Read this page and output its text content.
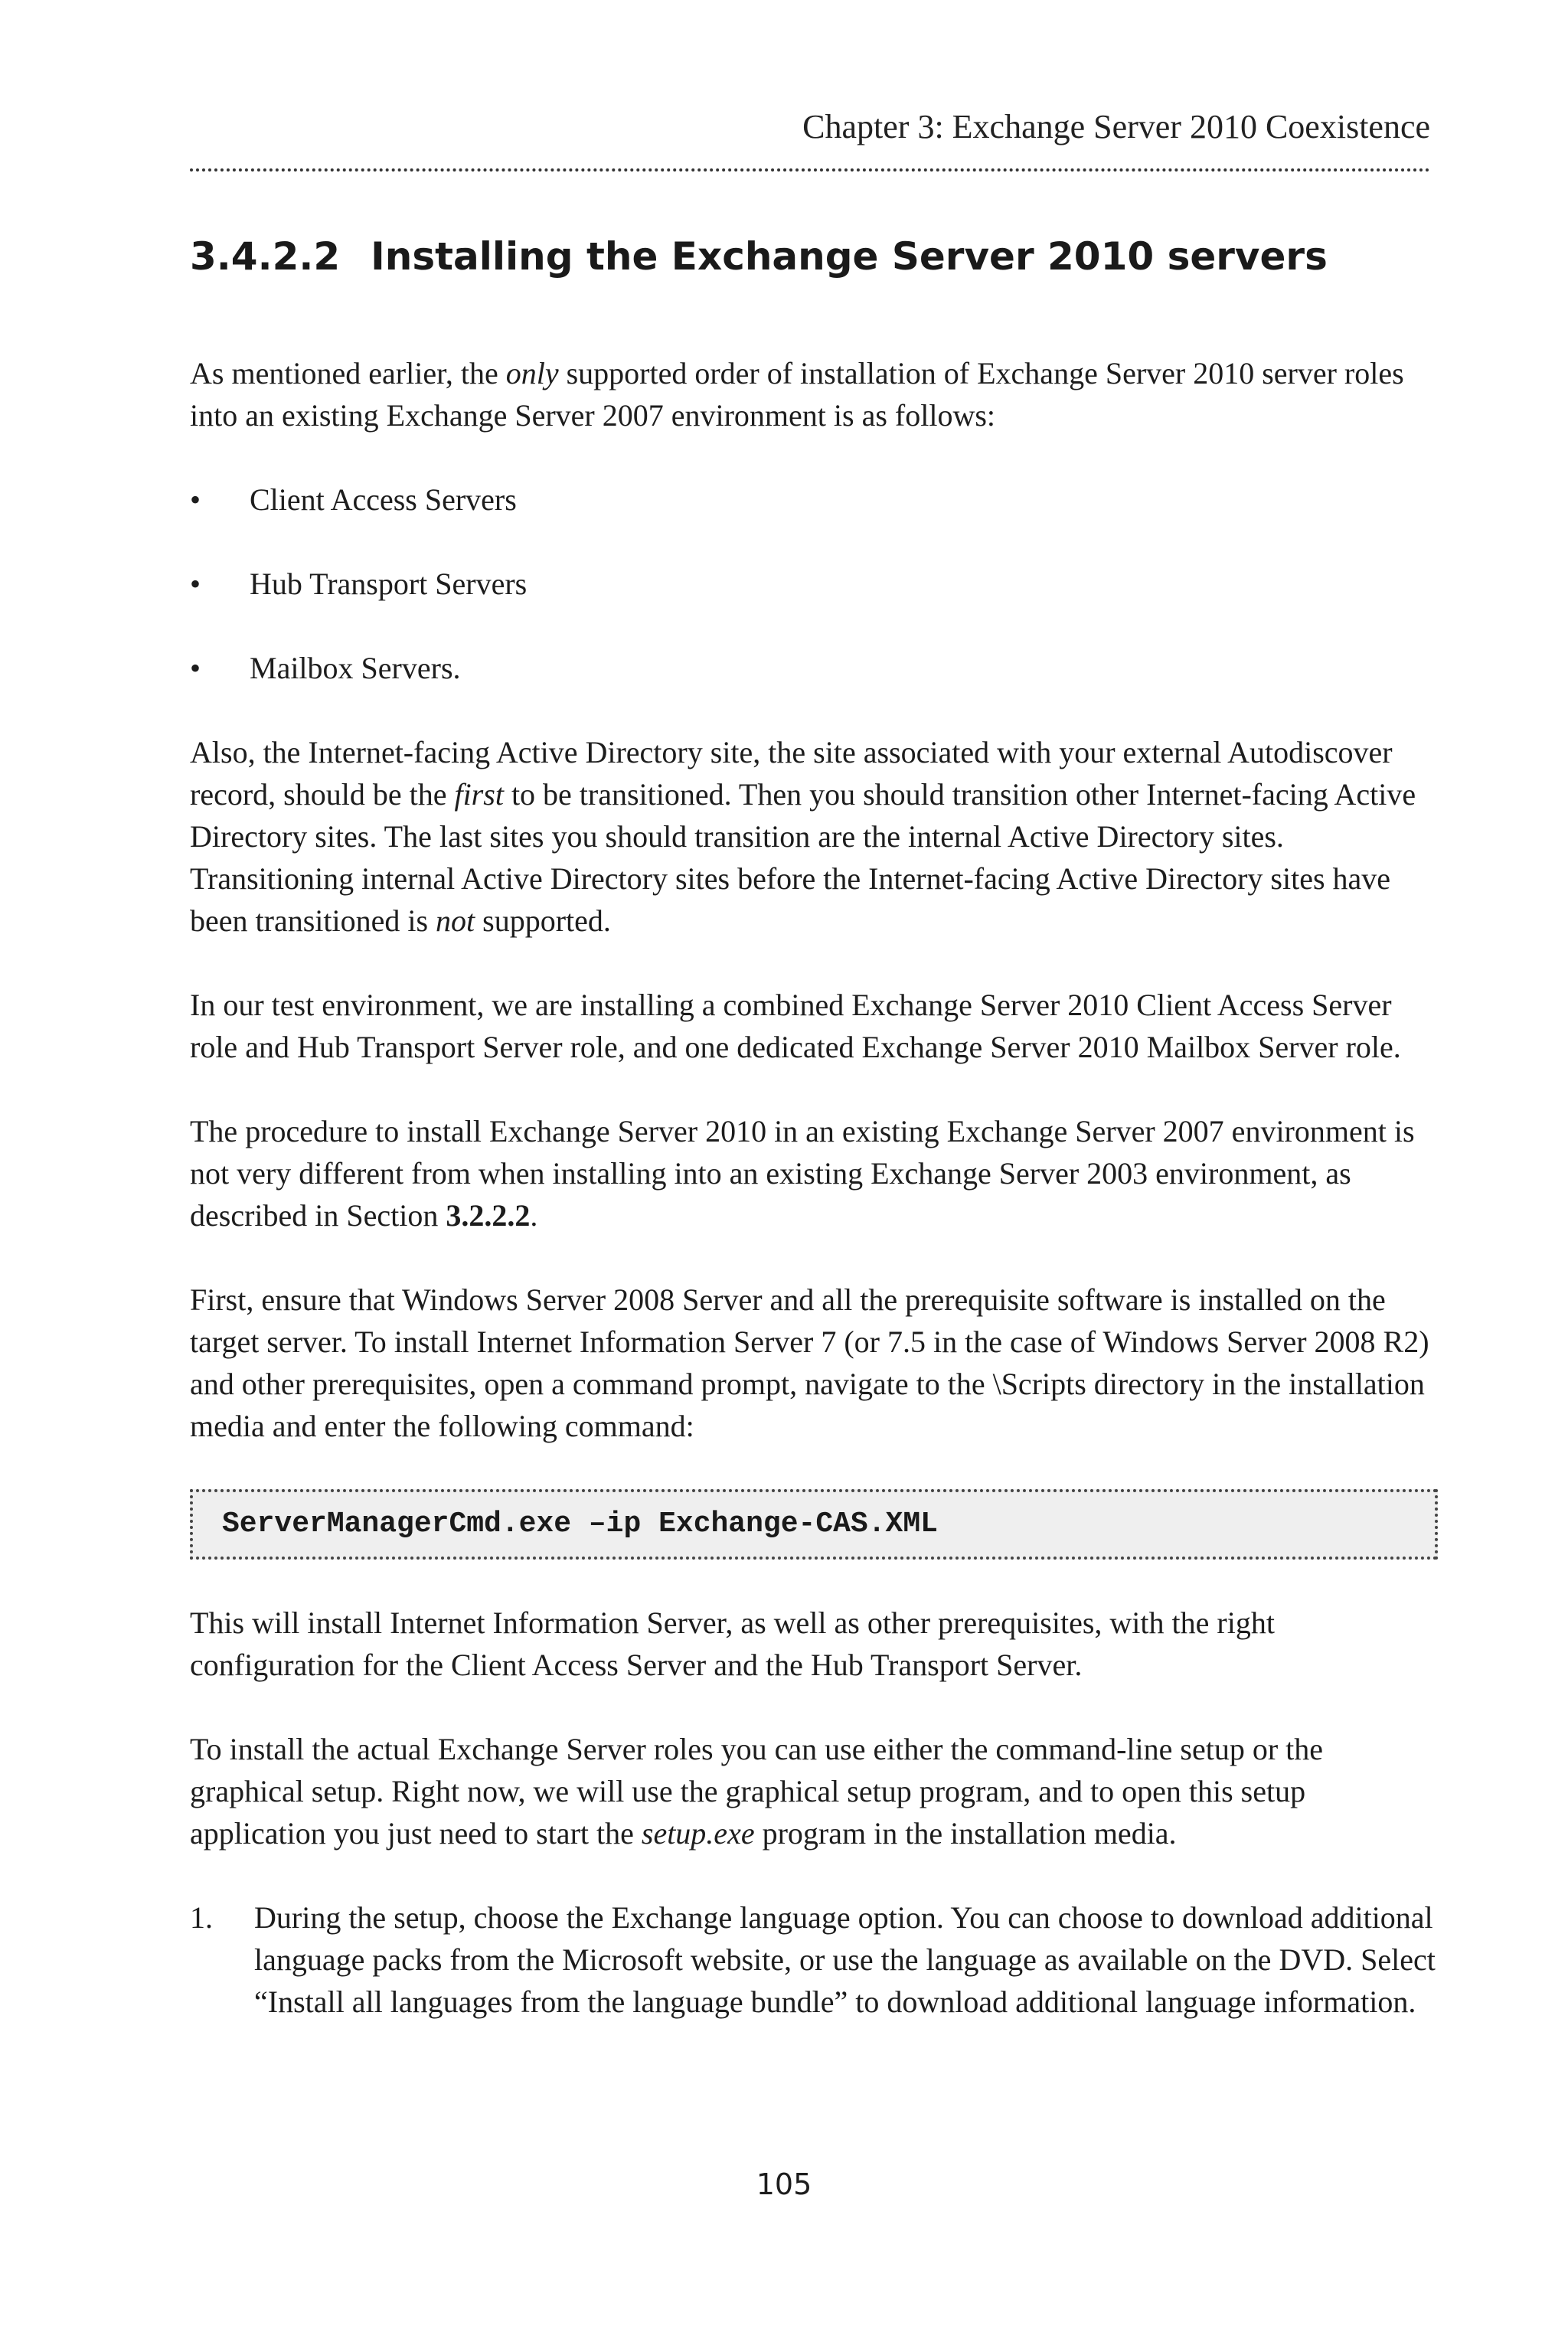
Chapter 3: Exchange Server 2010 Coexistence
3.4.2.2 Installing the Exchange Server 2010 servers

As mentioned earlier, the only supported order of installation of Exchange Server 2010 server roles into an existing Exchange Server 2007 environment is as follows:

•	Client Access Servers
•	Hub Transport Servers
•	Mailbox Servers.

Also, the Internet-facing Active Directory site, the site associated with your external Autodiscover record, should be the first to be transitioned. Then you should transition other Internet-facing Active Directory sites. The last sites you should transition are the internal Active Directory sites. Transitioning internal Active Directory sites before the Internet-facing Active Directory sites have been transitioned is not supported.

In our test environment, we are installing a combined Exchange Server 2010 Client Access Server role and Hub Transport Server role, and one dedicated Exchange Server 2010 Mailbox Server role.

The procedure to install Exchange Server 2010 in an existing Exchange Server 2007 environment is not very different from when installing into an existing Exchange Server 2003 environment, as described in Section 3.2.2.2.

First, ensure that Windows Server 2008 Server and all the prerequisite software is installed on the target server. To install Internet Information Server 7 (or 7.5 in the case of Windows Server 2008 R2) and other prerequisites, open a command prompt, navigate to the \Scripts directory in the installation media and enter the following command:

ServerManagerCmd.exe –ip Exchange-CAS.XML

This will install Internet Information Server, as well as other prerequisites, with the right configuration for the Client Access Server and the Hub Transport Server.

To install the actual Exchange Server roles you can use either the command-line setup or the graphical setup. Right now, we will use the graphical setup program, and to open this setup application you just need to start the setup.exe program in the installation media.

1. During the setup, choose the Exchange language option. You can choose to download additional language packs from the Microsoft website, or use the language as available on the DVD. Select “Install all languages from the language bundle” to download additional language information.
105
